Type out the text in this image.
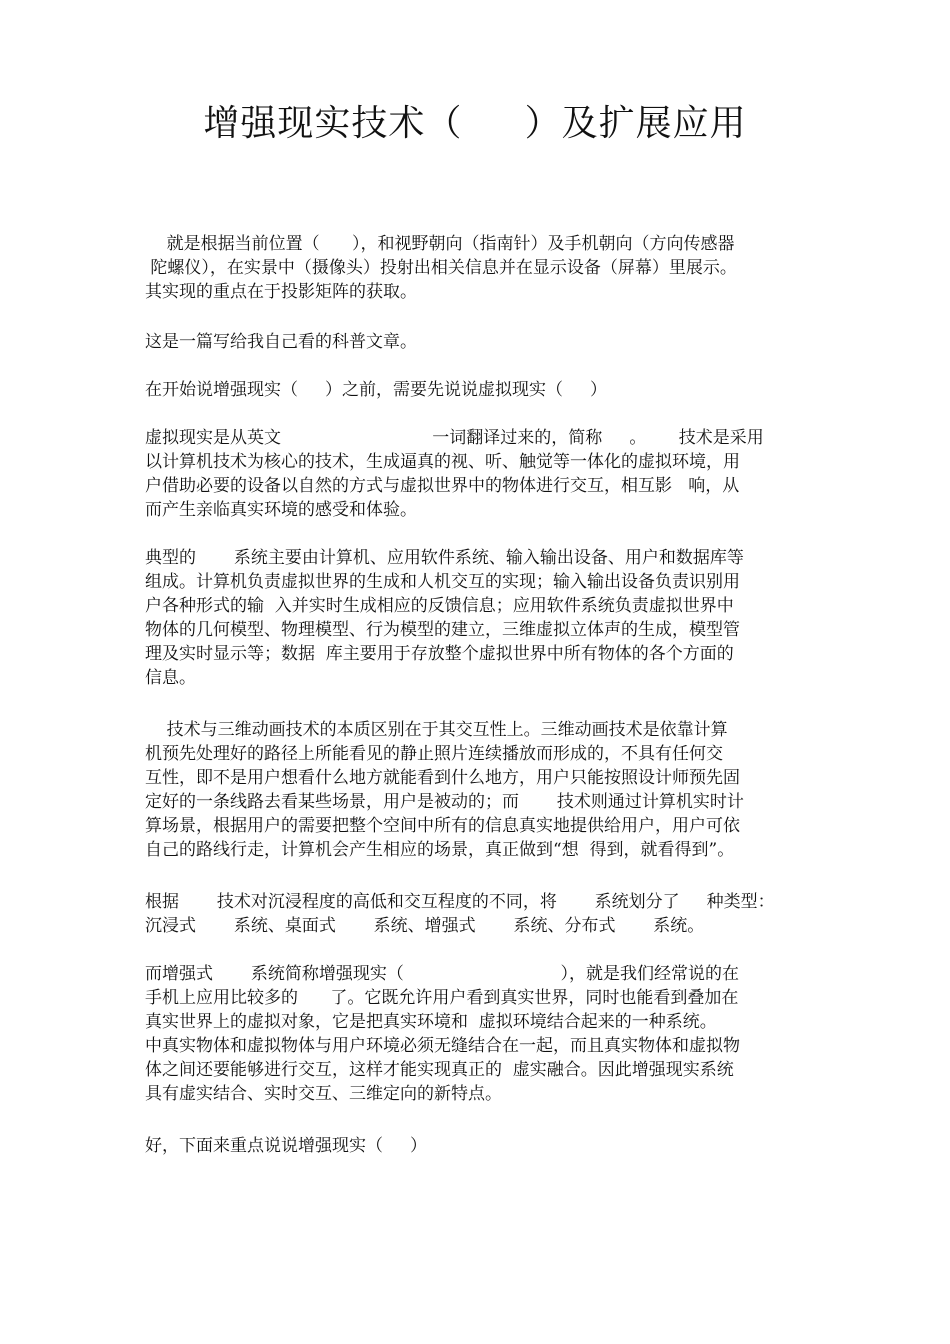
增强现实技术（     ）及扩展应用

就是根据当前位置（      ），和视野朝向（指南针）及手机朝向（方向传感器
陀螺仪），在实景中（摄像头）投射出相关信息并在显示设备（屏幕）里展示。
其实现的重点在于投影矩阵的获取。

这是一篇写给我自己看的科普文章。

在开始说增强现实（     ）之前，需要先说说虚拟现实（     ）

虚拟现实是从英文                            一词翻译过来的，简称     。      技术是采用
以计算机技术为核心的技术，生成逼真的视、听、触觉等一体化的虚拟环境，用
户借助必要的设备以自然的方式与虚拟世界中的物体进行交互，相互影   响，从
而产生亲临真实环境的感受和体验。

典型的       系统主要由计算机、应用软件系统、输入输出设备、用户和数据库等
组成。计算机负责虚拟世界的生成和人机交互的实现；输入输出设备负责识别用
户各种形式的输  入并实时生成相应的反馈信息；应用软件系统负责虚拟世界中
物体的几何模型、物理模型、行为模型的建立，三维虚拟立体声的生成，模型管
理及实时显示等；数据  库主要用于存放整个虚拟世界中所有物体的各个方面的
信息。

技术与三维动画技术的本质区别在于其交互性上。三维动画技术是依靠计算
机预先处理好的路径上所能看见的静止照片连续播放而形成的，不具有任何交
互性，即不是用户想看什么地方就能看到什么地方，用户只能按照设计师预先固
定好的一条线路去看某些场景，用户是被动的；而       技术则通过计算机实时计
算场景，根据用户的需要把整个空间中所有的信息真实地提供给用户，用户可依
自己的路线行走，计算机会产生相应的场景，真正做到“想  得到，就看得到”。

根据       技术对沉浸程度的高低和交互程度的不同，将       系统划分了     种类型：
沉浸式       系统、桌面式       系统、增强式       系统、分布式       系统。

而增强式       系统简称增强现实（                             ），就是我们经常说的在
手机上应用比较多的      了。它既允许用户看到真实世界，同时也能看到叠加在
真实世界上的虚拟对象，它是把真实环境和  虚拟环境结合起来的一种系统。
中真实物体和虚拟物体与用户环境必须无缝结合在一起，而且真实物体和虚拟物
体之间还要能够进行交互，这样才能实现真正的  虚实融合。因此增强现实系统
具有虚实结合、实时交互、三维定向的新特点。

好，下面来重点说说增强现实（     ）
